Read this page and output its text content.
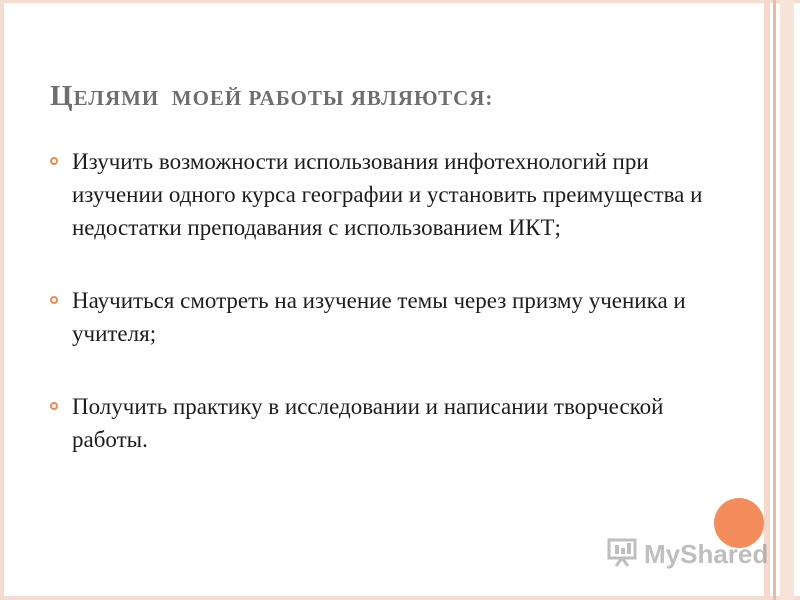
ЦЕЛЯМИ  МОЕЙ РАБОТЫ ЯВЛЯЮТСЯ:
Изучить возможности использования инфотехнологий при изучении одного курса географии и установить преимущества и недостатки преподавания с использованием ИКТ;
Научиться смотреть на изучение темы через призму ученика и учителя;
Получить практику в исследовании и написании творческой работы.
MyShared
